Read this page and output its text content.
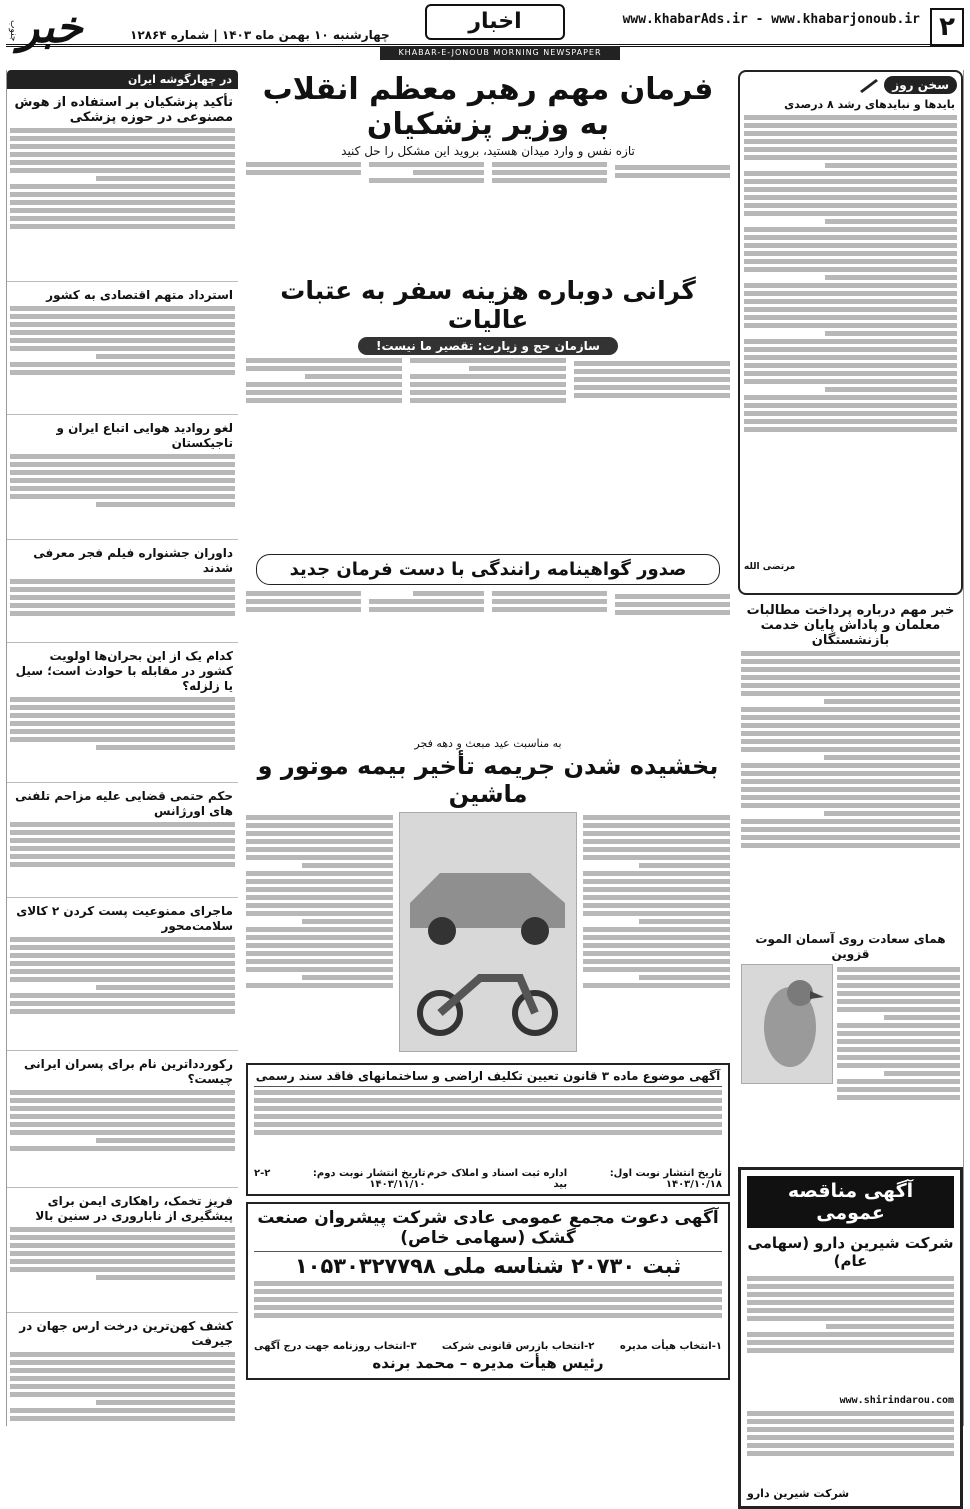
۲
www.khabarAds.ir - www.khabarjonoub.ir
اخبار
خبر
جنوب	چهارشنبه ۱۰ بهمن ماه ۱۴۰۳ | شماره ۱۲۸۶۴
KHABAR-E-JONOUB MORNING NEWSPAPER
سخن روز
بایدها و نبایدهای رشد ۸ درصدی
مرتضی الله
خبر مهم درباره پرداخت مطالبات معلمان و پاداش پایان خدمت بازنشستگان
همای سعادت روی آسمان الموت قزوین
آگهی مناقصه عمومی
شرکت شیرین دارو (سهامی عام)
www.shirindarou.com
شرکت شیرین دارو
فرمان مهم رهبر معظم انقلاب به وزیر پزشکیان
تازه نفس و وارد میدان هستید، بروید این مشکل را حل کنید
گرانی دوباره هزینه سفر به عتبات عالیات
سازمان حج و زیارت: تقصیر ما نیست!
صدور گواهینامه رانندگی با دست فرمان جدید
به مناسبت عید مبعث و دهه فجر
بخشیده شدن جریمه تأخیر بیمه موتور و ماشین
آگهی موضوع ماده ۳ قانون تعیین تکلیف اراضی و ساختمانهای فاقد سند رسمی
تاریخ انتشار نوبت اول: ۱۴۰۳/۱۰/۱۸
اداره ثبت اسناد و املاک خرم بید
تاریخ انتشار نوبت دوم: ۱۴۰۳/۱۱/۱۰
۲-۲
آگهی دعوت مجمع عمومی عادی شرکت پیشروان صنعت گشک (سهامی خاص)
ثبت ۲۰۷۳۰ شناسه ملی ۱۰۵۳۰۳۲۷۷۹۸
۱-انتخاب هیأت مدیره
۲-انتخاب بازرس قانونی شرکت
۳-انتخاب روزنامه جهت درج آگهی
رئیس هیأت مدیره – محمد برنده
در چهارگوشه ایران
تأکید پزشکیان بر استفاده از هوش مصنوعی در حوزه پزشکی
استرداد متهم اقتصادی به کشور
لغو روادید هوایی اتباع ایران و تاجیکستان
داوران جشنواره فیلم فجر معرفی شدند
کدام یک از این بحران‌ها اولویت کشور در مقابله با حوادث است؛ سیل یا زلزله؟
حکم حتمی قضایی علیه مزاحم تلفنی های اورژانس
ماجرای ممنوعیت پست کردن ۲ کالای سلامت‌محور
رکوردداترین نام برای پسران ایرانی چیست؟
فریز تخمک، راهکاری ایمن برای پیشگیری از ناباروری در سنین بالا
کشف کهن‌ترین درخت ارس جهان در جیرفت
